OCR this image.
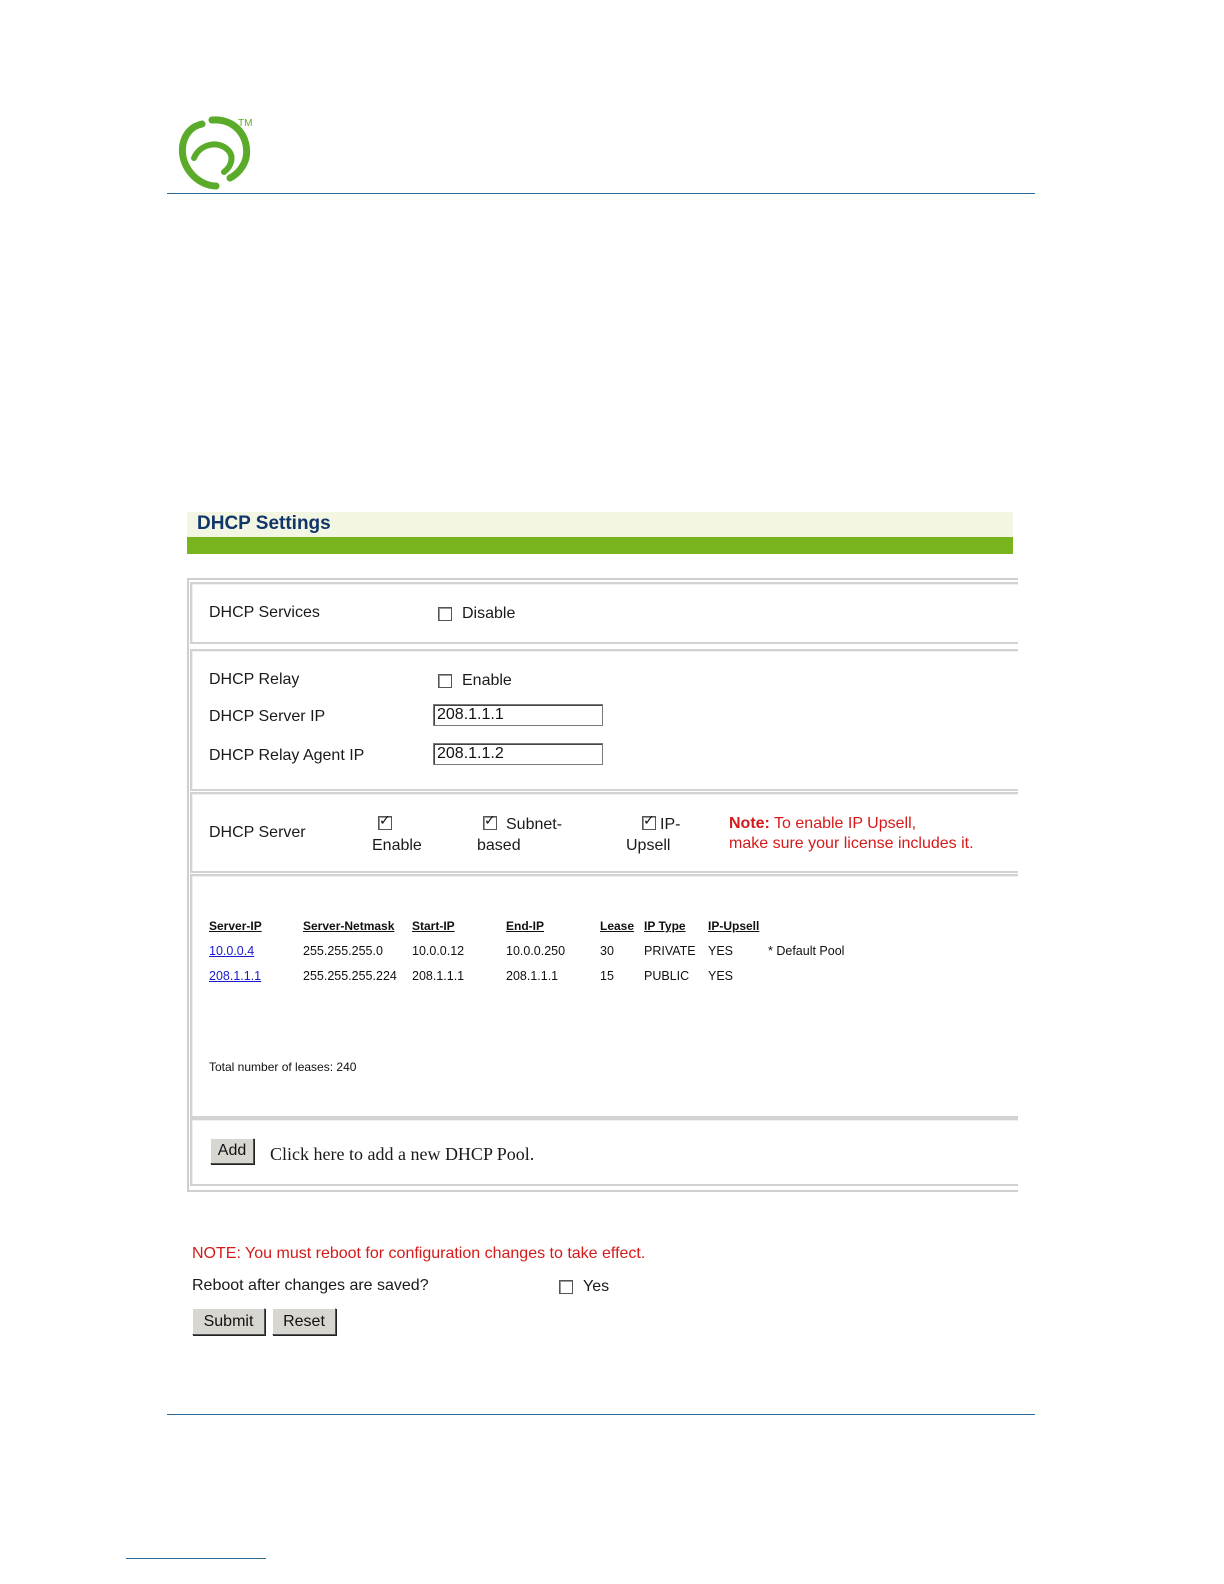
TM
DHCP Settings
DHCP Services	Disable
DHCP Relay	Enable
DHCP Server IP
208.1.1.1
DHCP Relay Agent IP
208.1.1.2
DHCP Server
✓
Enable
✓
Subnet-
based
✓
IP-
Upsell
Note: To enable IP Upsell,
make sure your license includes it.
Server-IP	Server-Netmask Start-IP	End-IP	Lease IP Type IP-Upsell
10.0.0.4	255.255.255.0 10.0.0.12	10.0.0.250	30 PRIVATE YES	* Default Pool
208.1.1.1	255.255.255.224 208.1.1.1	208.1.1.1	15 PUBLIC YES
Total number of leases: 240
Add	Click here to add a new DHCP Pool.
NOTE: You must reboot for configuration changes to take effect.
Reboot after changes are saved?	Yes
Submit	Reset
